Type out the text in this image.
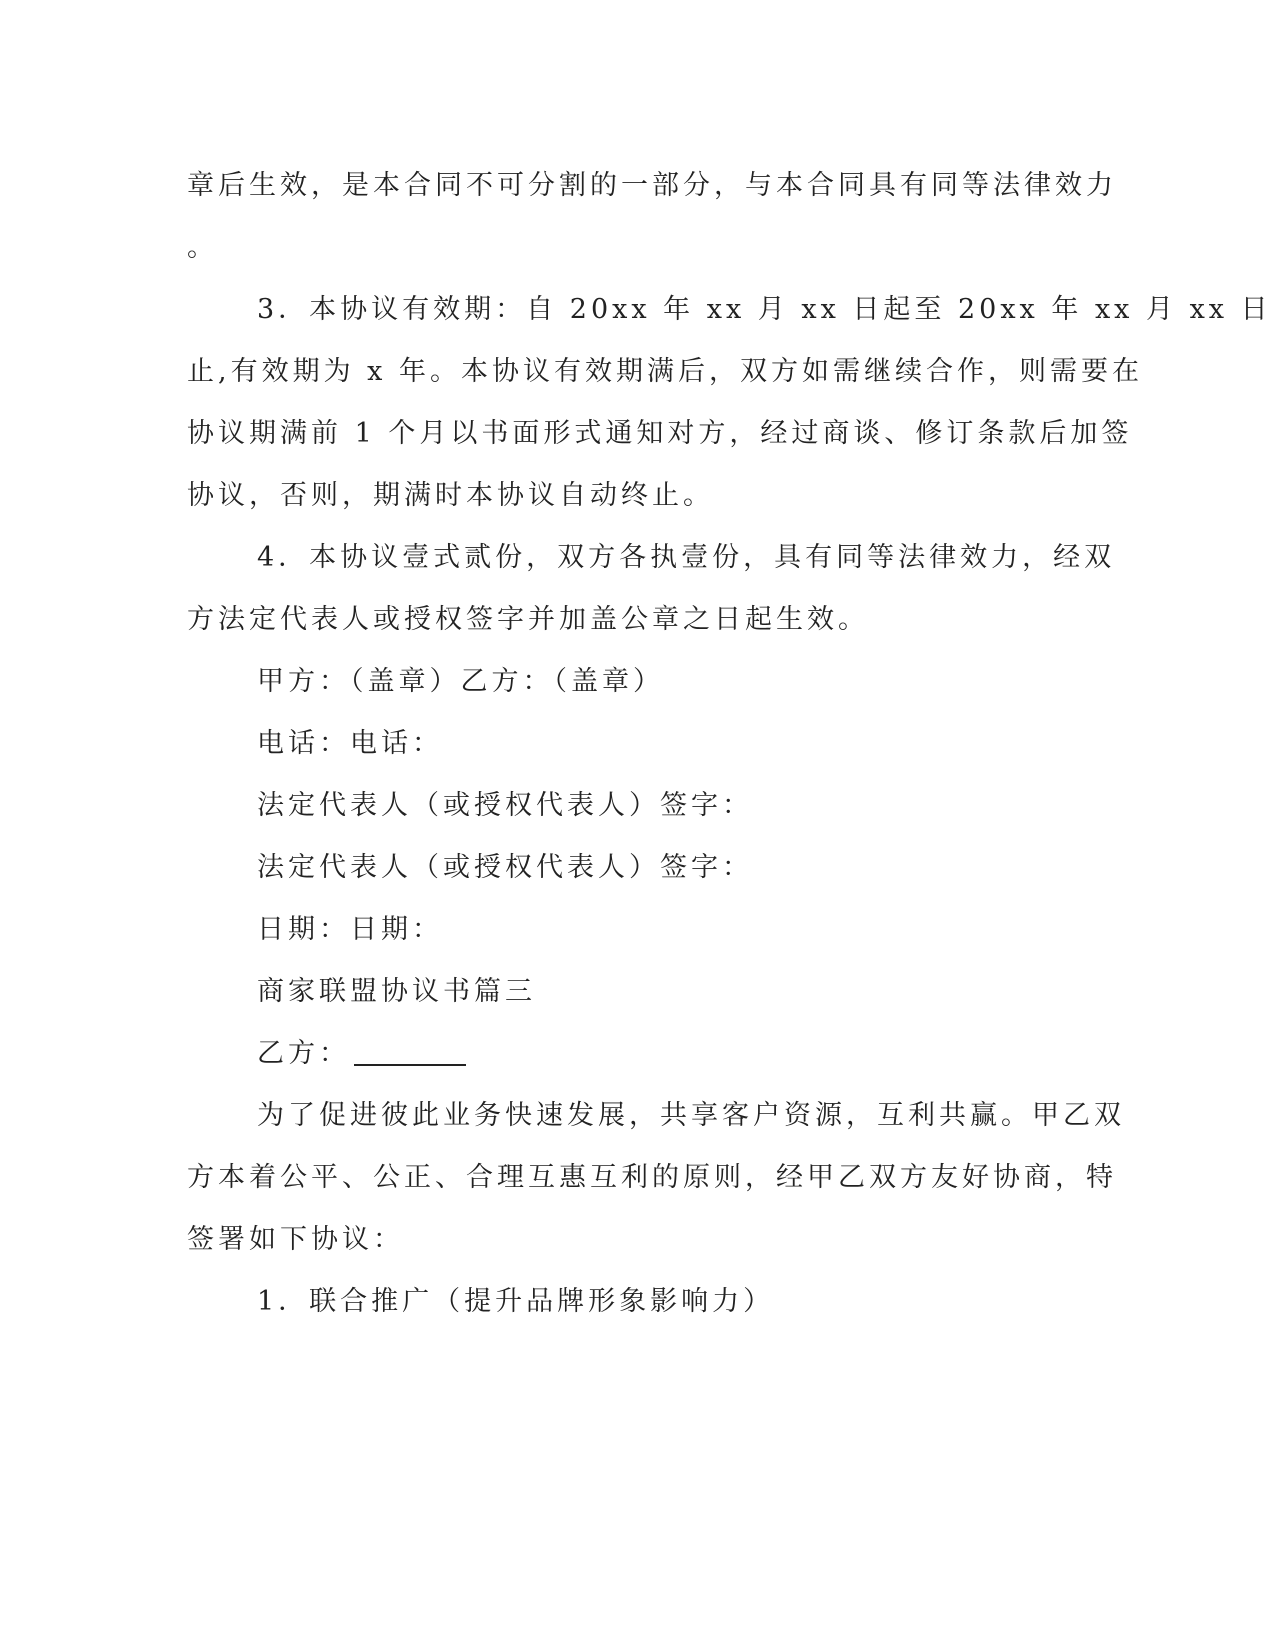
章后生效，是本合同不可分割的一部分，与本合同具有同等法律效力

。

3．本协议有效期：自 20xx 年 xx 月 xx 日起至 20xx 年 xx 月 xx 日

止,有效期为 x 年。本协议有效期满后，双方如需继续合作，则需要在

协议期满前 1 个月以书面形式通知对方，经过商谈、修订条款后加签

协议，否则，期满时本协议自动终止。

4．本协议壹式贰份，双方各执壹份，具有同等法律效力，经双

方法定代表人或授权签字并加盖公章之日起生效。

甲方：（盖章）乙方：（盖章）

电话：电话：

法定代表人（或授权代表人）签字：

法定代表人（或授权代表人）签字：

日期：日期：

商家联盟协议书篇三

乙方：

为了促进彼此业务快速发展，共享客户资源，互利共赢。甲乙双

方本着公平、公正、合理互惠互利的原则，经甲乙双方友好协商，特

签署如下协议：

1．联合推广（提升品牌形象影响力）
